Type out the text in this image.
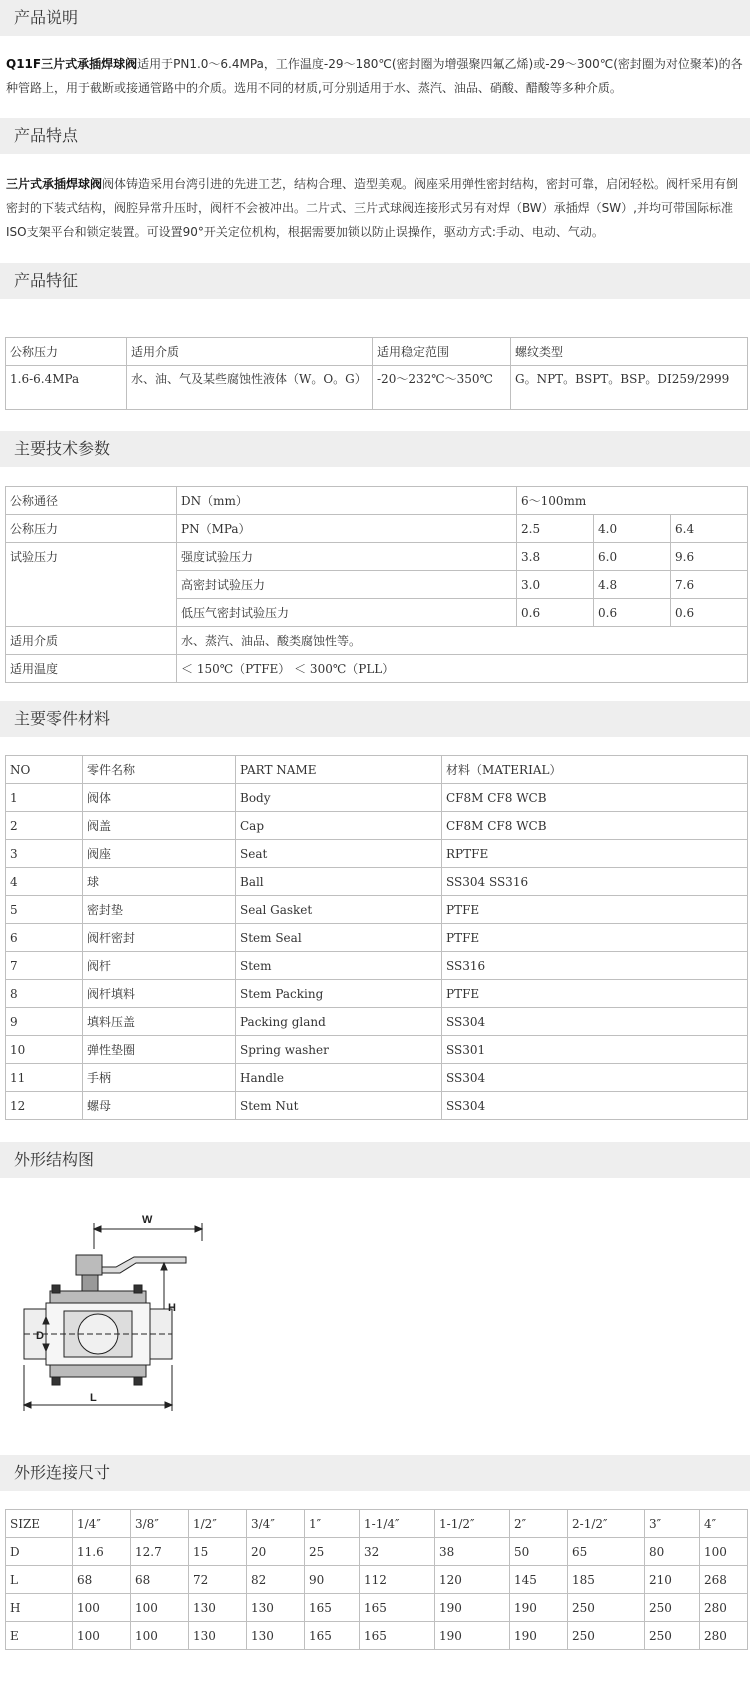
产品说明

Q11F三片式承插焊球阀适用于PN1.0～6.4MPa，工作温度-29～180℃(密封圈为增强聚四氟乙烯)或-29～300℃(密封圈为对位聚苯)的各种管路上，用于截断或接通管路中的介质。选用不同的材质,可分别适用于水、蒸汽、油品、硝酸、醋酸等多种介质。

产品特点

三片式承插焊球阀阀体铸造采用台湾引进的先进工艺，结构合理、造型美观。阀座采用弹性密封结构，密封可靠，启闭轻松。阀杆采用有倒密封的下装式结构，阀腔异常升压时，阀杆不会被冲出。二片式、三片式球阀连接形式另有对焊（BW）承插焊（SW）,并均可带国际标准ISO支架平台和锁定装置。可设置90°开关定位机构，根据需要加锁以防止误操作，驱动方式:手动、电动、气动。

产品特征
公称压力	适用介质	适用稳定范围	螺纹类型
1.6-6.4MPa	水、油、气及某些腐蚀性液体（W。O。G）	-20～232℃～350℃	G。NPT。BSPT。BSP。DI259/2999
主要技术参数
公称通径	DN（mm）	6～100mm		
公称压力	PN（MPa）	2.5	4.0	6.4
试验压力	强度试验压力	3.8	6.0	9.6
	高密封试验压力	3.0	4.8	7.6
	低压气密封试验压力	0.6	0.6	0.6
适用介质	水、蒸汽、油品、酸类腐蚀性等。			
适用温度	＜ 150℃（PTFE） ＜ 300℃（PLL）			
主要零件材料
NO	零件名称	PART NAME	材料（MATERIAL）
1	阀体	Body	CF8M CF8 WCB
2	阀盖	Cap	CF8M CF8 WCB
3	阀座	Seat	RPTFE
4	球	Ball	SS304 SS316
5	密封垫	Seal Gasket	PTFE
6	阀杆密封	Stem Seal	PTFE
7	阀杆	Stem	SS316
8	阀杆填料	Stem Packing	PTFE
9	填料压盖	Packing gland	SS304
10	弹性垫圈	Spring washer	SS301
11	手柄	Handle	SS304
12	螺母	Stem Nut	SS304
外形结构图
W
H
D
L
外形连接尺寸
SIZE	1/4″	3/8″	1/2″	3/4″	1″	1-1/4″	1-1/2″	2″	2-1/2″	3″	4″
D	11.6	12.7	15	20	25	32	38	50	65	80	100
L	68	68	72	82	90	112	120	145	185	210	268
H	100	100	130	130	165	165	190	190	250	250	280
E	100	100	130	130	165	165	190	190	250	250	280
